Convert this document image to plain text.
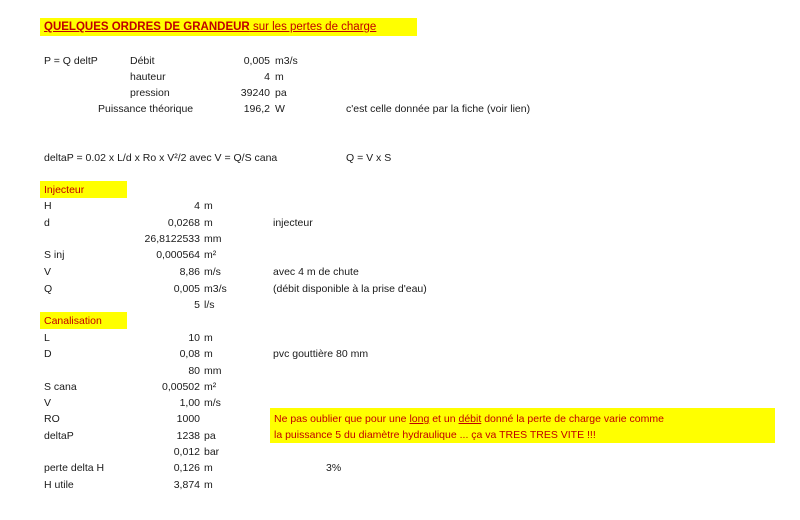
QUELQUES ORDRES DE GRANDEUR sur les pertes de charge
P = Q deltP	Débit	0,005 m3/s
hauteur	4 m
pression	39240 pa
Puissance théorique	196,2 W	c'est celle donnée par la fiche (voir lien)
deltaP = 0.02 x L/d x Ro x V²/2 avec V = Q/S cana	Q = V x S
Injecteur
H	4 m
d	0,0268 m	injecteur
26,8122533 mm
S inj	0,000564 m²
V	8,86 m/s	avec 4 m de chute
Q	0,005 m3/s	(débit disponible à la prise d'eau)
5 l/s
Canalisation
L	10 m
D	0,08 m	pvc gouttière 80 mm
80 mm
S cana	0,00502 m²
V	1,00 m/s
RO	1000
deltaP	1238 pa
0,012 bar
perte delta H	0,126 m	3%
H utile	3,874 m
Ne pas oublier que pour une long et un débit donné la perte de charge varie comme
la puissance 5 du diamètre hydraulique ... ça va TRES TRES VITE !!!
